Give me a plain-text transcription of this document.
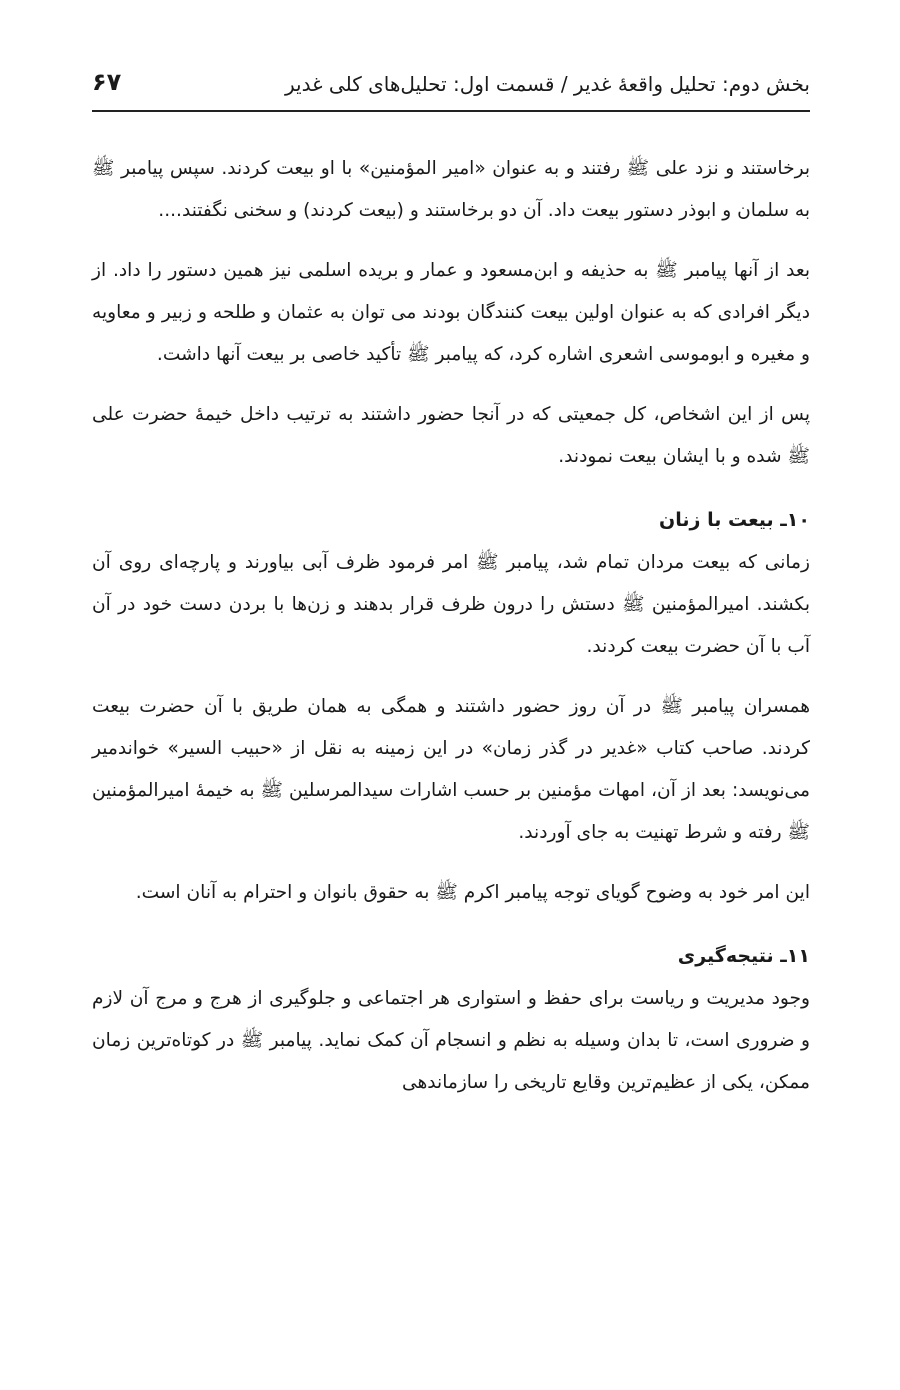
بخش دوم: تحلیل واقعهٔ غدیر / قسمت اول: تحلیل‌های کلی غدیر
۶۷

برخاستند و نزد علی ﷺ رفتند و به عنوان «امیر المؤمنین» با او بیعت کردند. سپس پیامبر ﷺ به سلمان و ابوذر دستور بیعت داد. آن دو برخاستند و (بیعت کردند) و سخنی نگفتند....

بعد از آنها پیامبر ﷺ به حذیفه و ابن‌مسعود و عمار و بریده اسلمی نیز همین دستور را داد. از دیگر افرادی که به عنوان اولین بیعت کنندگان بودند می توان به عثمان و طلحه و زبیر و معاویه و مغیره و ابوموسی اشعری اشاره کرد، که پیامبر ﷺ تأکید خاصی بر بیعت آنها داشت.

پس از این اشخاص، کل جمعیتی که در آنجا حضور داشتند به ترتیب داخل خیمهٔ حضرت علی ﷺ شده و با ایشان بیعت نمودند.

۱۰ـ بیعت با زنان

زمانی که بیعت مردان تمام شد، پیامبر ﷺ امر فرمود ظرف آبی بیاورند و پارچه‌ای روی آن بکشند. امیرالمؤمنین ﷺ دستش را درون ظرف قرار بدهند و زن‌ها با بردن دست خود در آن آب با آن حضرت بیعت کردند.

همسران پیامبر ﷺ در آن روز حضور داشتند و همگی به همان طریق با آن حضرت بیعت کردند. صاحب کتاب «غدیر در گذر زمان» در این زمینه به نقل از «حبیب السیر» خواندمیر می‌نویسد: بعد از آن، امهات مؤمنین بر حسب اشارات سیدالمرسلین ﷺ به خیمهٔ امیرالمؤمنین ﷺ رفته و شرط تهنیت به جای آوردند.

این امر خود به وضوح گویای توجه پیامبر اکرم ﷺ به حقوق بانوان و احترام به آنان است.

۱۱ـ نتیجه‌گیری

وجود مدیریت و ریاست برای حفظ و استواری هر اجتماعی و جلوگیری از هرج و مرج آن لازم و ضروری است، تا بدان وسیله به نظم و انسجام آن کمک نماید. پیامبر ﷺ در کوتاه‌ترین زمان ممکن، یکی از عظیم‌ترین وقایع تاریخی را سازماندهی
